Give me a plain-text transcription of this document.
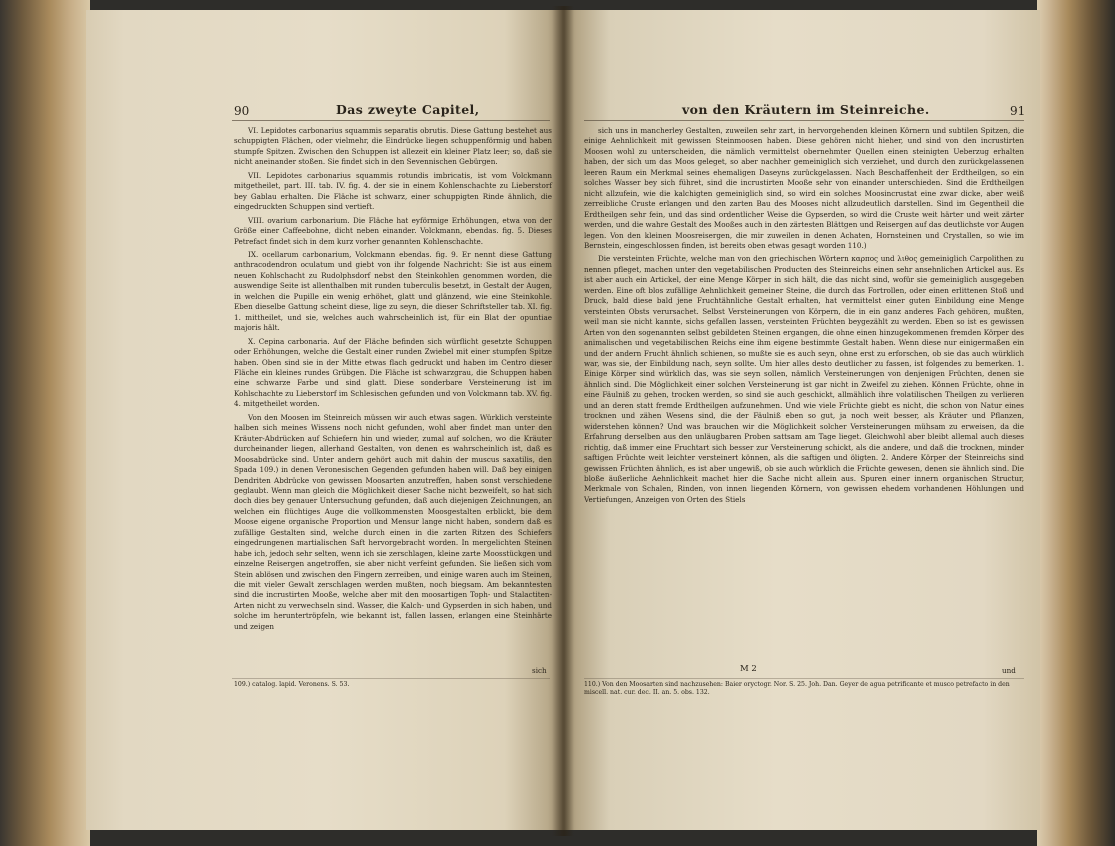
90	Das zweyte Capitel,

VI. Lepidotes carbonarius squammis separatis obrutis. Diese Gattung bestehet aus schuppigten Flächen, oder vielmehr, die Eindrücke liegen schuppenförmig und haben stumpfe Spitzen. Zwischen den Schuppen ist allezeit ein kleiner Platz leer; so, daß sie nicht aneinander stoßen. Sie findet sich in den Sevennischen Gebürgen.

VII. Lepidotes carbonarius squammis rotundis imbricatis, ist vom Volckmann mitgetheilet, part. III. tab. IV. fig. 4. der sie in einem Kohlenschachte zu Lieberstorf bey Gablau erhalten. Die Fläche ist schwarz, einer schuppigten Rinde ähnlich, die eingedruckten Schuppen sind vertieft.

VIII. ovarium carbonarium. Die Fläche hat eyförmige Erhöhungen, etwa von der Größe einer Caffeebohne, dicht neben einander. Volckmann, ebendas. fig. 5. Dieses Petrefact findet sich in dem kurz vorher genannten Kohlenschachte.

IX. ocellarum carbonarium, Volckmann ebendas. fig. 9. Er nennt diese Gattung anthracodendron oculatum und giebt von ihr folgende Nachricht: Sie ist aus einem neuen Kohlschacht zu Rudolphsdorf nebst den Steinkohlen genommen worden, die auswendige Seite ist allenthalben mit runden tuberculis besetzt, in Gestalt der Augen, in welchen die Pupille ein wenig erhöhet, glatt und glänzend, wie eine Steinkohle. Eben dieselbe Gattung scheint diese, lige zu seyn, die dieser Schriftsteller tab. XI. fig. 1. mittheilet, und sie, welches auch wahrscheinlich ist, für ein Blat der opuntiae majoris hält.

X. Cepina carbonaria. Auf der Fläche befinden sich würflicht gesetzte Schuppen oder Erhöhungen, welche die Gestalt einer runden Zwiebel mit einer stumpfen Spitze haben. Oben sind sie in der Mitte etwas flach gedruckt und haben im Centro dieser Fläche ein kleines rundes Grübgen. Die Fläche ist schwarzgrau, die Schuppen haben eine schwarze Farbe und sind glatt. Diese sonderbare Versteinerung ist im Kohlschachte zu Lieberstorf im Schlesischen gefunden und von Volckmann tab. XV. fig. 4. mitgetheilet worden.

Von den Moosen im Steinreich müssen wir auch etwas sagen. Würklich versteinte halben sich meines Wissens noch nicht gefunden, wohl aber findet man unter den Kräuter-Abdrücken auf Schiefern hin und wieder, zumal auf solchen, wo die Kräuter durcheinander liegen, allerhand Gestalten, von denen es wahrscheinlich ist, daß es Moosabdrücke sind. Unter andern gehört auch mit dahin der muscus saxatilis, den Spada 109.) in denen Veronesischen Gegenden gefunden haben will. Daß bey einigen Dendriten Abdrücke von gewissen Moosarten anzutreffen, haben sonst verschiedene geglaubt. Wenn man gleich die Möglichkeit dieser Sache nicht bezweifelt, so hat sich doch dies bey genauer Untersuchung gefunden, daß auch diejenigen Zeichnungen, an welchen ein flüchtiges Auge die vollkommensten Moosgestalten erblickt, bie dem Moose eigene organische Proportion und Mensur lange nicht haben, sondern daß es zufällige Gestalten sind, welche durch einen in die zarten Ritzen des Schiefers eingedrungenen martialischen Saft hervorgebracht worden. In mergelichten Steinen habe ich, jedoch sehr selten, wenn ich sie zerschlagen, kleine zarte Moosstückgen und einzelne Reisergen angetroffen, sie aber nicht verfeint gefunden. Sie ließen sich vom Stein ablösen und zwischen den Fingern zerreiben, und einige waren auch im Steinen, die mit vieler Gewalt zerschlagen werden mußten, noch biegsam. Am bekanntesten sind die incrustirten Mooße, welche aber mit den moosartigen Toph- und Stalactiten-Arten nicht zu verwechseln sind. Wasser, die Kalch- und Gypserden in sich haben, und solche im heruntertröpfeln, wie bekannt ist, fallen lassen, erlangen eine Steinhärte und zeigen

sich
109.) catalog. lapid. Veronens. S. 53.
von den Kräutern im Steinreiche.	91

sich uns in mancherley Gestalten, zuweilen sehr zart, in hervorgehenden kleinen Körnern und subtilen Spitzen, die einige Aehnlichkeit mit gewissen Steinmoosen haben. Diese gehören nicht hieher, und sind von den incrustirten Moosen wohl zu unterscheiden, die nämlich vermittelst obernehmter Quellen einen steinigten Ueberzug erhalten haben, der sich um das Moos geleget, so aber nachher gemeiniglich sich verziehet, und durch den zurückgelassenen leeren Raum ein Merkmal seines ehemaligen Daseyns zurückgelassen. Nach Beschaffenheit der Erdtheilgen, so ein solches Wasser bey sich führet, sind die incrustirten Mooße sehr von einander unterschieden. Sind die Erdtheilgen nicht allzufein, wie die kalchigten gemeiniglich sind, so wird ein solches Moosincrustat eine zwar dicke, aber weiß zerreibliche Cruste erlangen und den zarten Bau des Mooses nicht allzudeutlich darstellen. Sind im Gegentheil die Erdtheilgen sehr fein, und das sind ordentlicher Weise die Gypserden, so wird die Cruste weit härter und weit zärter werden, und die wahre Gestalt des Mooßes auch in den zärtesten Blättgen und Reisergen auf das deutlichste vor Augen legen. Von den kleinen Moosreisergen, die mir zuweilen in denen Achaten, Hornsteinen und Crystallen, so wie im Bernstein, eingeschlossen finden, ist bereits oben etwas gesagt worden 110.)

Die versteinten Früchte, welche man von den griechischen Wörtern καρπος und λιθος gemeiniglich Carpolithen zu nennen pfleget, machen unter den vegetabilischen Producten des Steinreichs einen sehr ansehnlichen Artickel aus. Es ist aber auch ein Artickel, der eine Menge Körper in sich hält, die das nicht sind, wofür sie gemeiniglich ausgegeben werden. Eine oft blos zufällige Aehnlichkeit gemeiner Steine, die durch das Fortrollen, oder einen erlittenen Stoß und Druck, bald diese bald jene Fruchtähnliche Gestalt erhalten, hat vermittelst einer guten Einbildung eine Menge versteinten Obsts verursachet. Selbst Versteinerungen von Körpern, die in ein ganz anderes Fach gehören, mußten, weil man sie nicht kannte, sichs gefallen lassen, versteinten Früchten beygezählt zu werden. Eben so ist es gewissen Arten von den sogenannten selbst gebildeten Steinen ergangen, die ohne einen hinzugekommenen fremden Körper des animalischen und vegetabilischen Reichs eine ihm eigene bestimmte Gestalt haben. Wenn diese nur einigermaßen ein und der andern Frucht ähnlich schienen, so mußte sie es auch seyn, ohne erst zu erforschen, ob sie das auch würklich war, was sie, der Einbildung nach, seyn sollte. Um hier alles desto deutlicher zu fassen, ist folgendes zu bemerken. 1. Einige Körper sind würklich das, was sie seyn sollen, nämlich Versteinerungen von denjenigen Früchten, denen sie ähnlich sind. Die Möglichkeit einer solchen Versteinerung ist gar nicht in Zweifel zu ziehen. Können Früchte, ohne in eine Fäulniß zu gehen, trocken werden, so sind sie auch geschickt, allmählich ihre volatilischen Theilgen zu verlieren und an deren statt fremde Erdtheilgen aufzunehmen. Und wie viele Früchte giebt es nicht, die schon von Natur eines trocknen und zähen Wesens sind, die der Fäulniß eben so gut, ja noch weit besser, als Kräuter und Pflanzen, widerstehen können? Und was brauchen wir die Möglichkeit solcher Versteinerungen mühsam zu erweisen, da die Erfahrung derselben aus den unläugbaren Proben sattsam am Tage lieget. Gleichwohl aber bleibt allemal auch dieses richtig, daß immer eine Fruchtart sich besser zur Versteinerung schickt, als die andere, und daß die trocknen, minder saftigen Früchte weit leichter versteinert können, als die saftigen und öligten. 2. Andere Körper der Steinreichs sind gewissen Früchten ähnlich, es ist aber ungewiß, ob sie auch würklich die Früchte gewesen, denen sie ähnlich sind. Die bloße äußerliche Aehnlichkeit machet hier die Sache nicht allein aus. Spuren einer innern organischen Structur, Merkmale von Schalen, Rinden, von innen liegenden Körnern, von gewissen ehedem vorhandenen Höhlungen und Vertiefungen, Anzeigen von Orten des Stiels

M 2	und
110.) Von den Moosarten sind nachzusehen: Baier oryctogr. Nor. S. 25. Joh. Dan. Geyer de agua petrificante et musco petrefacto in den miscell. nat. cur. dec. II. an. 5. obs. 132.
